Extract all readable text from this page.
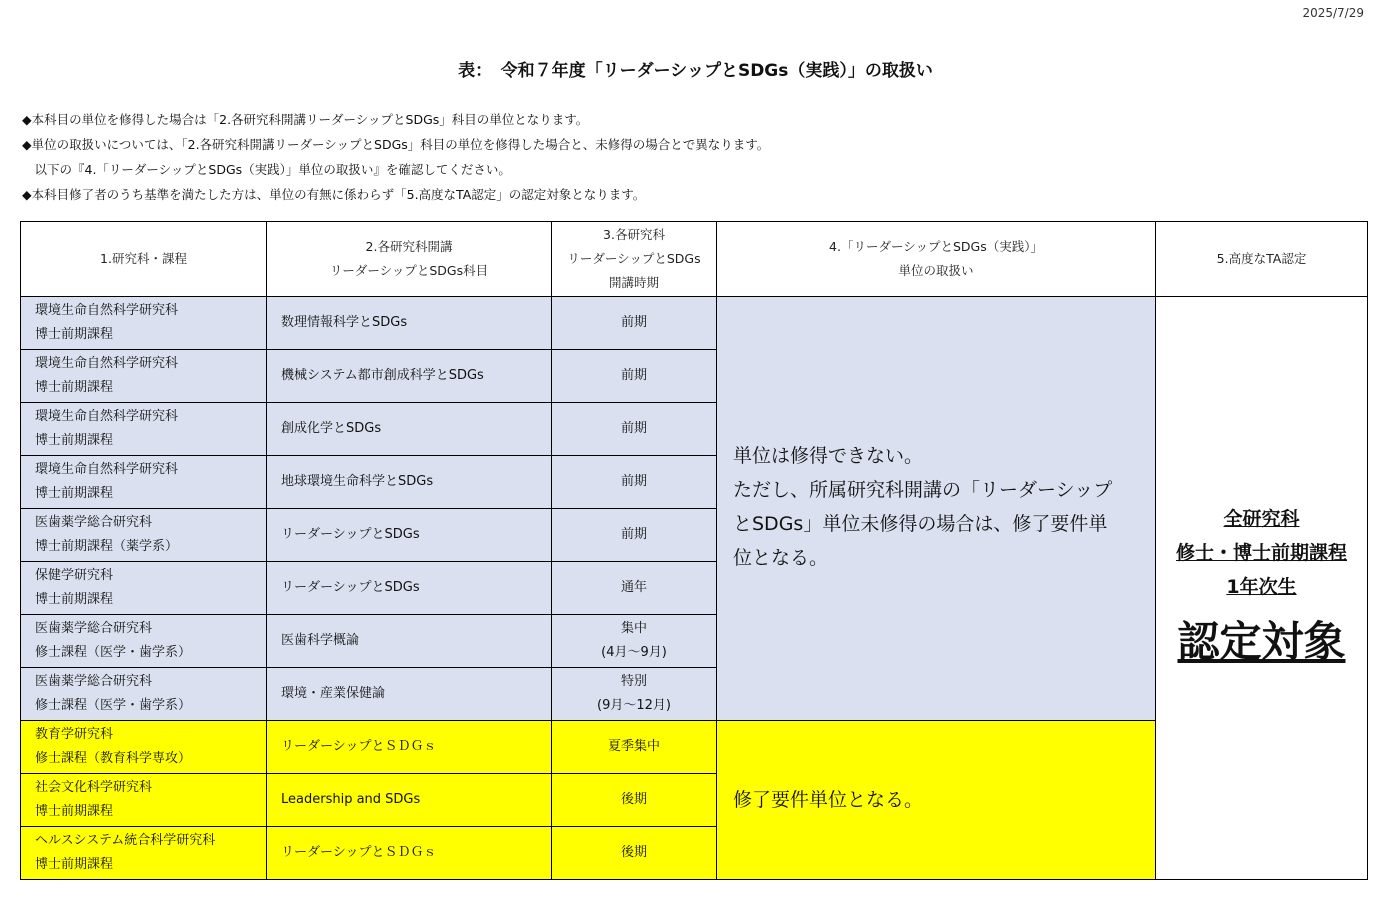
2025/7/29
表：　令和７年度「リーダーシップとSDGs（実践）」の取扱い
◆本科目の単位を修得した場合は「2.各研究科開講リーダーシップとSDGs」科目の単位となります。
◆単位の取扱いについては、「2.各研究科開講リーダーシップとSDGs」科目の単位を修得した場合と、未修得の場合とで異なります。
　以下の『4.「リーダーシップとSDGs（実践）」単位の取扱い』を確認してください。
◆本科目修了者のうち基準を満たした方は、単位の有無に係わらず「5.高度なTA認定」の認定対象となります。
1.研究科・課程	2.各研究科開講
リーダーシップとSDGs科目	3.各研究科
リーダーシップとSDGs
開講時期	4.「リーダーシップとSDGs（実践）」
単位の取扱い	5.高度なTA認定

環境生命自然科学研究科
博士前期課程	数理情報科学とSDGs	前期	単位は修得できない。
ただし、所属研究科開講の「リーダーシップ
とSDGs」単位未修得の場合は、修了要件単
位となる。	全研究科
修士・博士前期課程
1年次生
認定対象

環境生命自然科学研究科
博士前期課程	機械システム都市創成科学とSDGs	前期		

環境生命自然科学研究科
博士前期課程	創成化学とSDGs	前期		

環境生命自然科学研究科
博士前期課程	地球環境生命科学とSDGs	前期		

医歯薬学総合研究科
博士前期課程（薬学系）	リーダーシップとSDGs	前期		

保健学研究科
博士前期課程	リーダーシップとSDGs	通年		

医歯薬学総合研究科
修士課程（医学・歯学系）	医歯科学概論	集中
(4月～9月)		

医歯薬学総合研究科
修士課程（医学・歯学系）	環境・産業保健論	特別
(9月～12月)		

教育学研究科
修士課程（教育科学専攻）	リーダーシップとＳＤＧｓ	夏季集中	修了要件単位となる。	

社会文化科学研究科
博士前期課程	Leadership and SDGs	後期		

ヘルスシステム統合科学研究科
博士前期課程	リーダーシップとＳＤＧｓ	後期		
